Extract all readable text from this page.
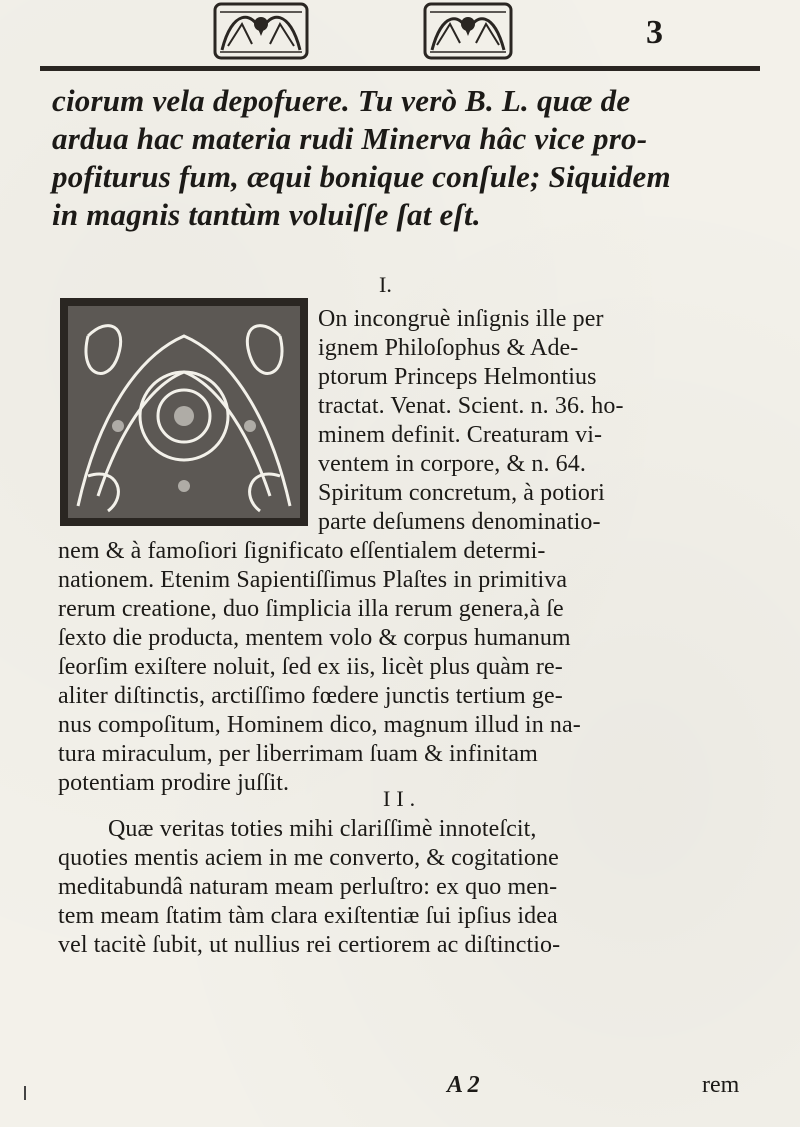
3
ciorum vela depofuere. Tu verò B. L. quæ de
ardua hac materia rudi Minerva hâc vice pro-
pofiturus fum, æqui bonique conſule; Siquidem
in magnis tantùm voluiſſe ſat eſt.
I.
On incongruè inſignis ille per
ignem Philoſophus & Ade-
ptorum Princeps Helmontius
tractat. Venat. Scient. n. 36. ho-
minem definit. Creaturam vi-
ventem in corpore, & n. 64.
Spiritum concretum, à potiori
parte deſumens denominatio-
nem & à famoſiori ſignificato eſſentialem determi-
nationem. Etenim Sapientiſſimus Plaſtes in primitiva
rerum creatione, duo ſimplicia illa rerum genera,à ſe
ſexto die producta, mentem volo & corpus humanum
ſeorſim exiſtere noluit, ſed ex iis, licèt plus quàm re-
aliter diſtinctis, arctiſſimo fœdere junctis tertium ge-
nus compoſitum, Hominem dico, magnum illud in na-
tura miraculum, per liberrimam ſuam & infinitam
potentiam prodire juſſit.
II.
Quæ veritas toties mihi clariſſimè innoteſcit,
quoties mentis aciem in me converto, & cogitatione
meditabundâ naturam meam perluſtro: ex quo men-
tem meam ſtatim tàm clara exiſtentiæ ſui ipſius idea
vel tacitè ſubit, ut nullius rei certiorem ac diſtinctio-
A 2	rem
